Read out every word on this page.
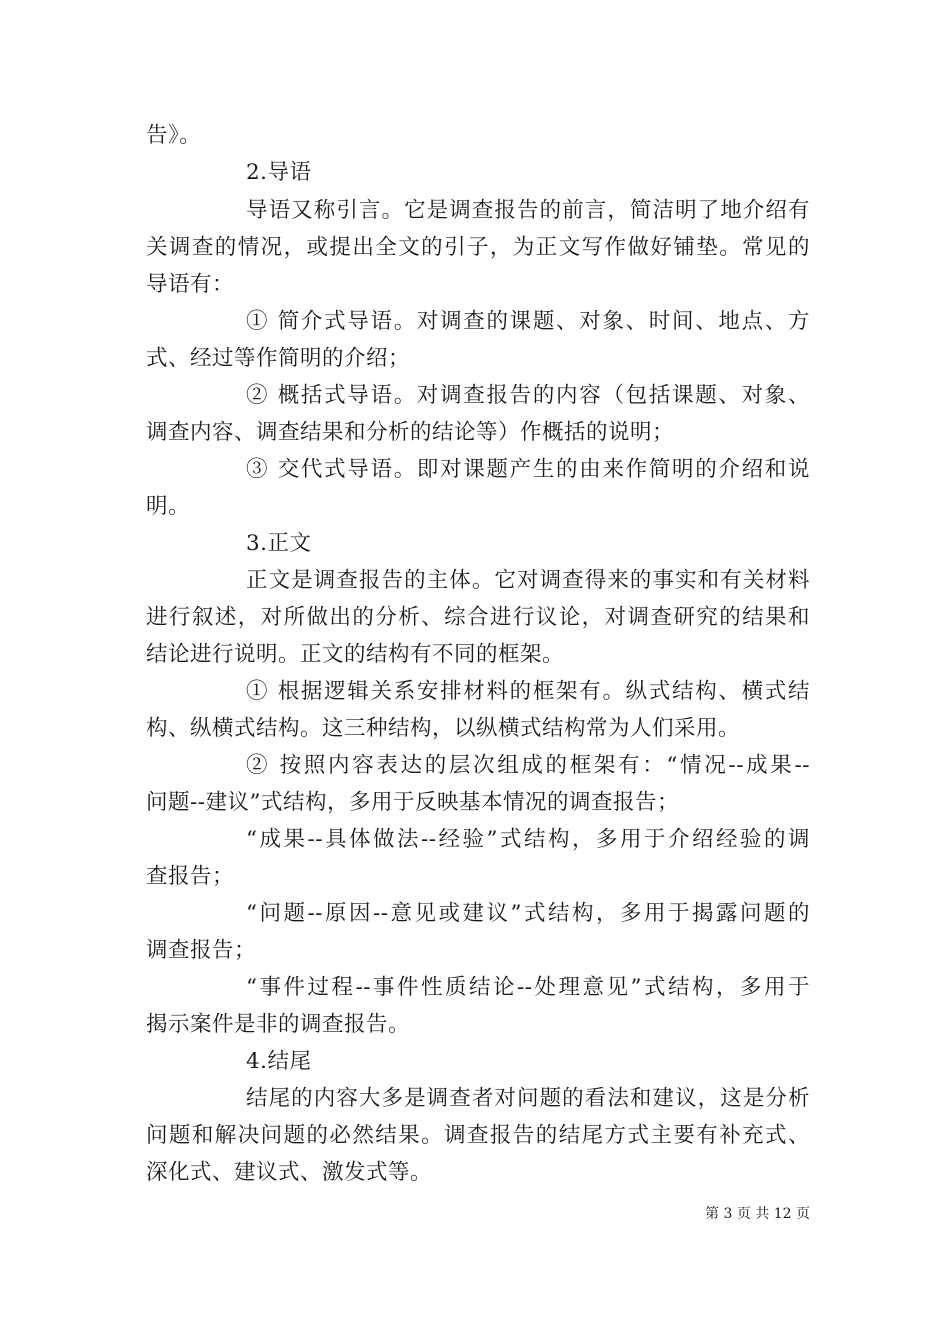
告》。
2.导语
导语又称引言。它是调查报告的前言，简洁明了地介绍有
关调查的情况，或提出全文的引子，为正文写作做好铺垫。常见的
导语有：
① 简介式导语。对调查的课题、对象、时间、地点、方
式、经过等作简明的介绍；
② 概括式导语。对调查报告的内容（包括课题、对象、
调查内容、调查结果和分析的结论等）作概括的说明；
③ 交代式导语。即对课题产生的由来作简明的介绍和说
明。
3.正文
正文是调查报告的主体。它对调查得来的事实和有关材料
进行叙述，对所做出的分析、综合进行议论，对调查研究的结果和
结论进行说明。正文的结构有不同的框架。
① 根据逻辑关系安排材料的框架有。纵式结构、横式结
构、纵横式结构。这三种结构，以纵横式结构常为人们采用。
② 按照内容表达的层次组成的框架有：“情况--成果--
问题--建议”式结构，多用于反映基本情况的调查报告；
“成果--具体做法--经验”式结构，多用于介绍经验的调
查报告；
“问题--原因--意见或建议”式结构，多用于揭露问题的
调查报告；
“事件过程--事件性质结论--处理意见”式结构，多用于
揭示案件是非的调查报告。
4.结尾
结尾的内容大多是调查者对问题的看法和建议，这是分析
问题和解决问题的必然结果。调查报告的结尾方式主要有补充式、
深化式、建议式、激发式等。
第 3 页 共 12 页
